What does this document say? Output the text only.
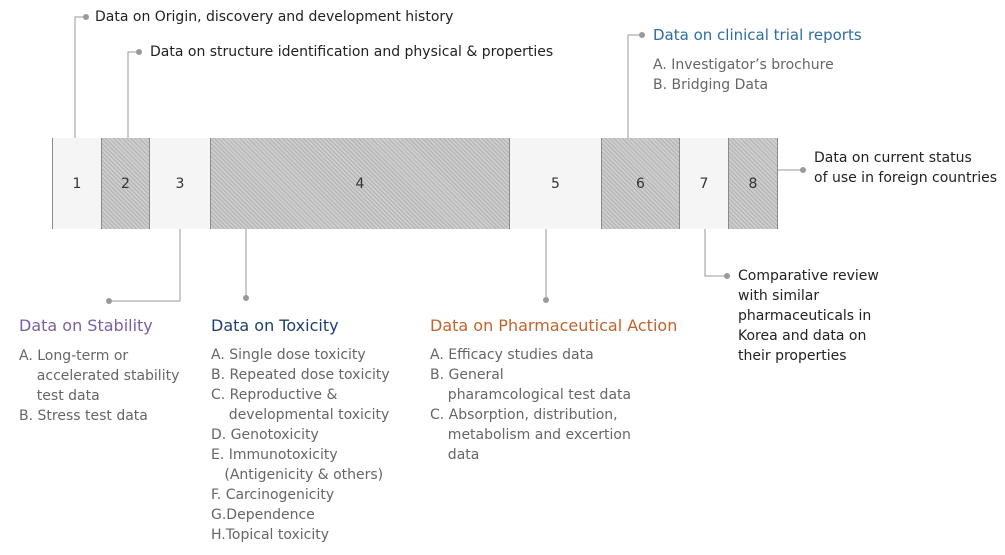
1	2	3	4	5	6	7	8
Data on Origin, discovery and development history
Data on structure identification and physical & properties
Data on clinical trial reports
A. Investigator’s brochure
B. Bridging Data
Data on current status
of use in foreign countries
Comparative review
with similar
pharmaceuticals in
Korea and data on
their properties
Data on Stability
A. Long-term or
accelerated stability
test data
B. Stress test data
Data on Toxicity
A. Single dose toxicity
B. Repeated dose toxicity
C. Reproductive &
developmental toxicity
D. Genotoxicity
E. Immunotoxicity
(Antigenicity & others)
F. Carcinogenicity
G.Dependence
H.Topical toxicity
Data on Pharmaceutical Action
A. Efficacy studies data
B. General
pharamcological test data
C. Absorption, distribution,
metabolism and excertion
data
